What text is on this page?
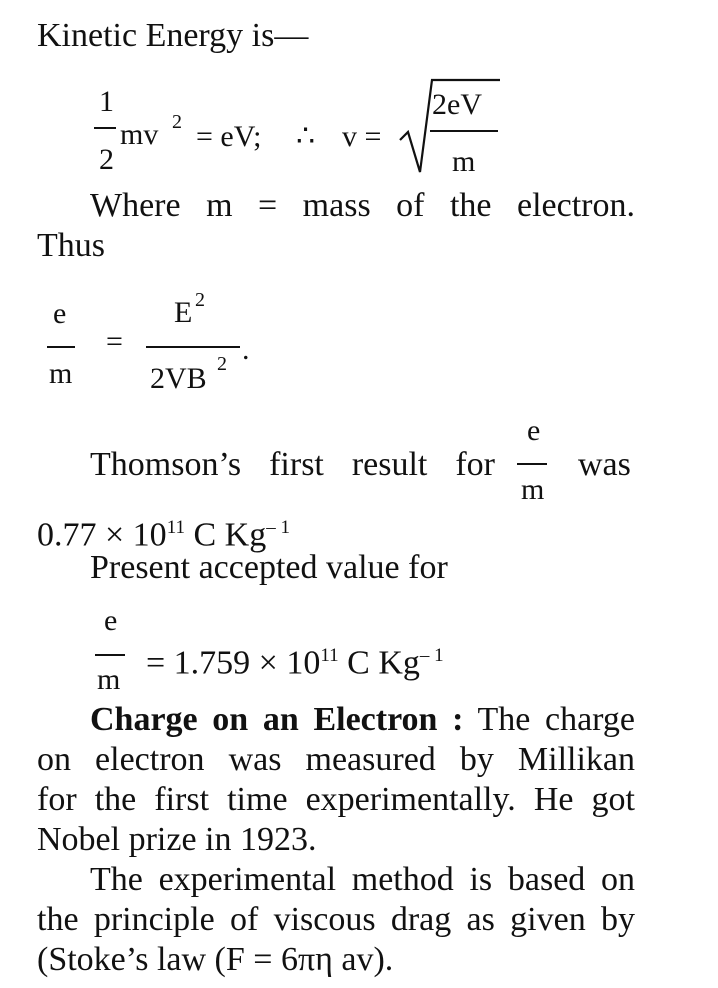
Kinetic Energy is—
1
2
mv 2 = eV; ∴ v =
2eV
m
Where m = mass of the electron.
Thus
e
m
=
E 2
2VB 2 .
Thomson’s first result for
e
m
was
$0.77 \times 10^{11}$ C $Kg^{- 1}$
Present accepted value for
e
$m = 1.759 \times 10^{11}$ C $Kg^{- 1}$
Charge on an Electron : The charge
on electron was measured by Millikan
for the first time experimentally. He got
Nobel prize in 1923.
The experimental method is based on
the principle of viscous drag as given by
(Stoke’s law (F = 6πη av).
